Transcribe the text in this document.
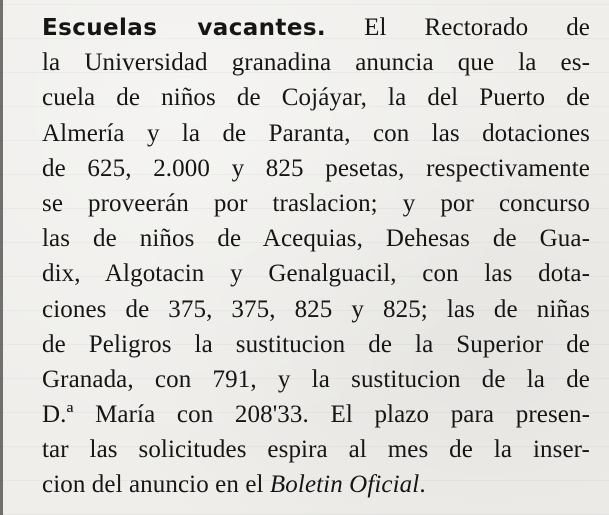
Escuelas vacantes. El Rectorado de
la Universidad granadina anuncia que la es-
cuela de niños de Cojáyar, la del Puerto de
Almería y la de Paranta, con las dotaciones
de 625, 2.000 y 825 pesetas, respectivamente
se proveerán por traslacion; y por concurso
las de niños de Acequias, Dehesas de Gua-
dix, Algotacin y Genalguacil, con las dota-
ciones de 375, 375, 825 y 825; las de niñas
de Peligros la sustitucion de la Superior de
Granada, con 791, y la sustitucion de la de
D.ª María con 208'33. El plazo para presen-
tar las solicitudes espira al mes de la inser-
cion del anuncio en el Boletin Oficial.
